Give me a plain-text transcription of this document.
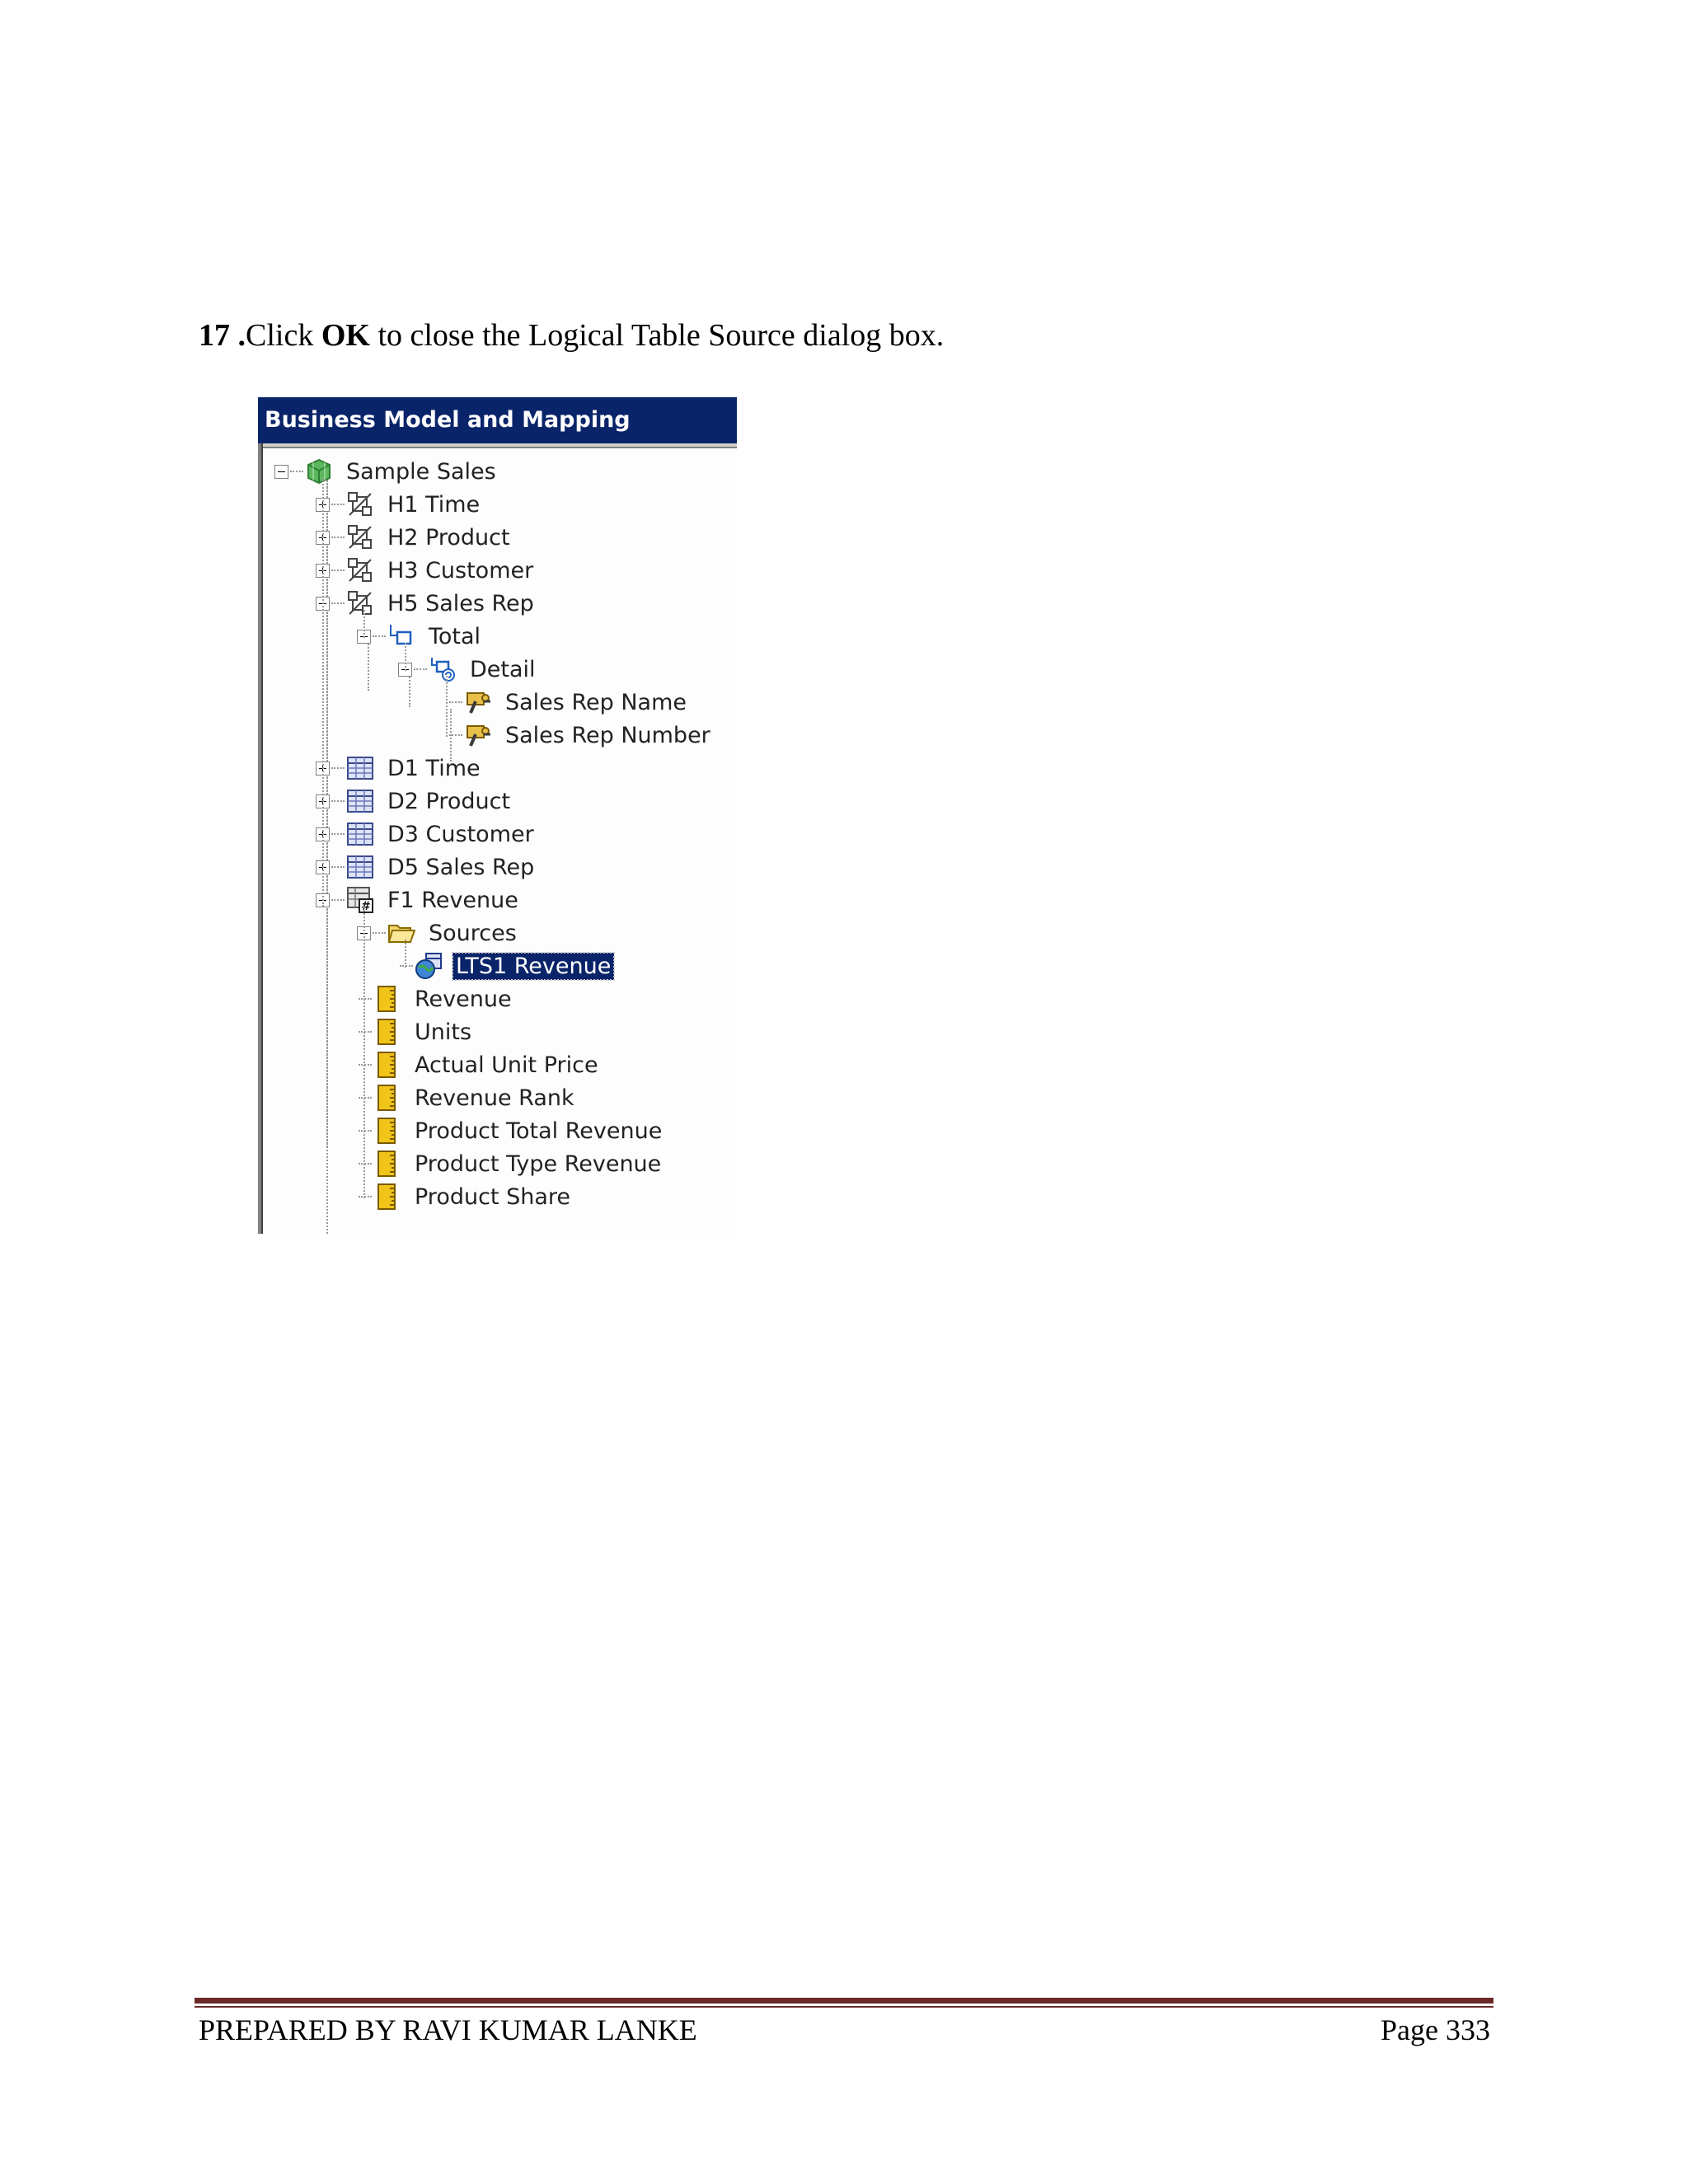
17 .Click OK to close the Logical Table Source dialog box.
Business Model and Mapping
Sample Sales
H1 Time
H2 Product
H3 Customer
H5 Sales Rep
Total
Detail
Sales Rep Name
Sales Rep Number
D1 Time
D2 Product
D3 Customer
D5 Sales Rep
# F1 Revenue
Sources
LTS1 Revenue
Revenue
Units
Actual Unit Price
Revenue Rank
Product Total Revenue
Product Type Revenue
Product Share
PREPARED BY RAVI KUMAR LANKE	Page 333
